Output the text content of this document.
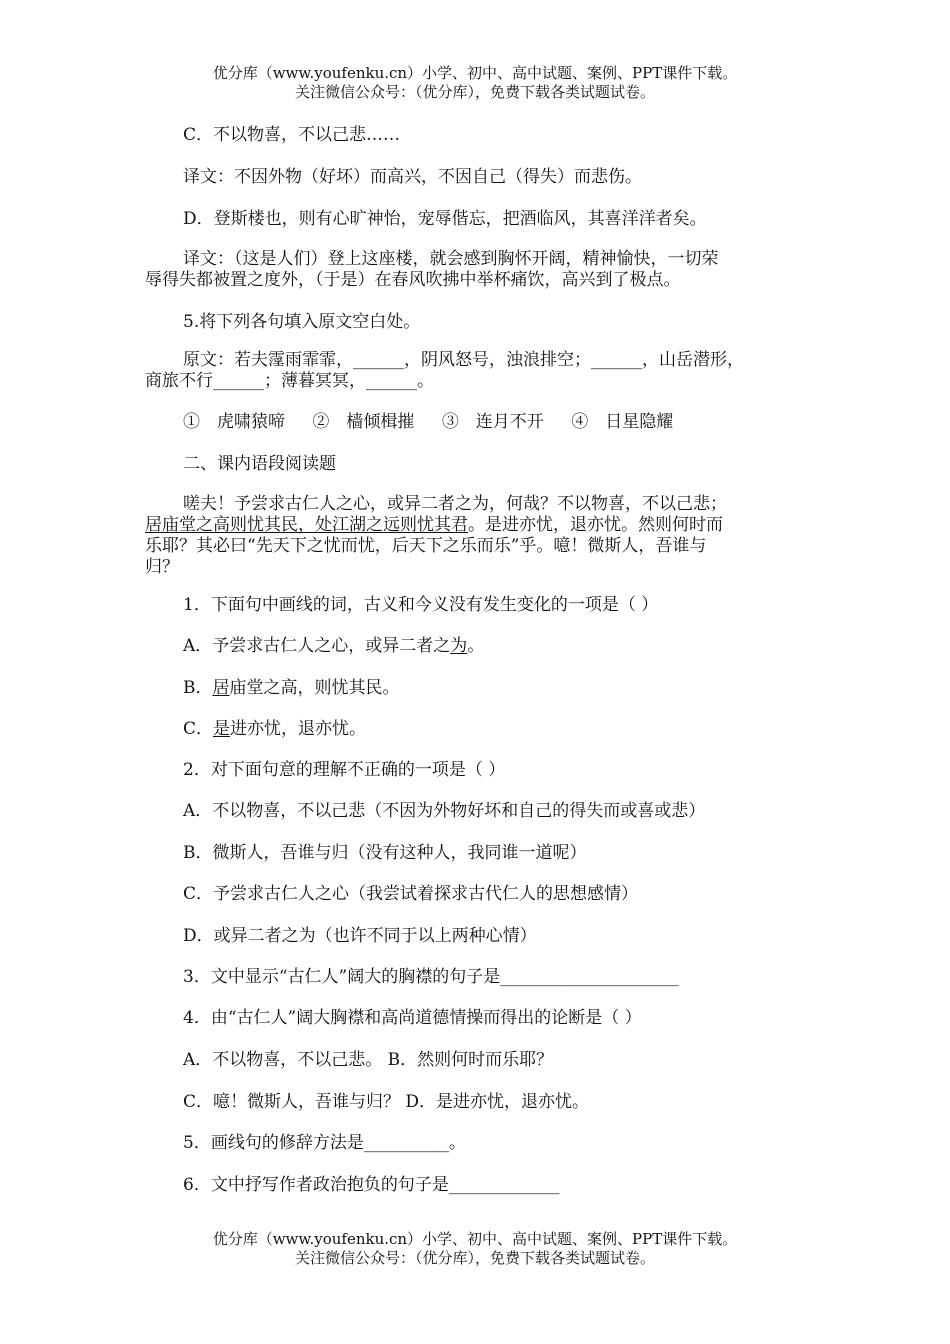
优分库（www.youfenku.cn）小学、初中、高中试题、案例、PPT课件下载。
关注微信公众号：（优分库），免费下载各类试题试卷。
C．不以物喜，不以己悲……
译文：不因外物（好坏）而高兴，不因自己（得失）而悲伤。
D．登斯楼也，则有心旷神怡，宠辱偕忘，把酒临风，其喜洋洋者矣。
译文：（这是人们）登上这座楼，就会感到胸怀开阔，精神愉快，一切荣
辱得失都被置之度外，（于是）在春风吹拂中举杯痛饮，高兴到了极点。
5.将下列各句填入原文空白处。
原文：若夫霪雨霏霏，______，阴风怒号，浊浪排空；______，山岳潜形，
商旅不行______；薄暮冥冥，______。
①　虎啸猿啼 ②　樯倾楫摧 ③　连月不开 ④　日星隐耀
二、课内语段阅读题
嗟夫！予尝求古仁人之心，或异二者之为，何哉？不以物喜，不以己悲；
居庙堂之高则忧其民，处江湖之远则忧其君。是进亦忧，退亦忧。然则何时而
乐耶？其必曰“先天下之忧而忧，后天下之乐而乐”乎。噫！微斯人，吾谁与
归？
1．下面句中画线的词，古义和今义没有发生变化的一项是（ ）
A．予尝求古仁人之心，或异二者之为。
B．居庙堂之高，则忧其民。
C．是进亦忧，退亦忧。
2．对下面句意的理解不正确的一项是（ ）
A．不以物喜，不以己悲（不因为外物好坏和自己的得失而或喜或悲）
B．微斯人，吾谁与归（没有这种人，我同谁一道呢）
C．予尝求古仁人之心（我尝试着探求古代仁人的思想感情）
D．或异二者之为（也许不同于以上两种心情）
3．文中显示“古仁人”阔大的胸襟的句子是_____________________
4．由“古仁人”阔大胸襟和高尚道德情操而得出的论断是（ ）
A．不以物喜，不以己悲。 B．然则何时而乐耶？
C．噫！微斯人，吾谁与归？ D．是进亦忧，退亦忧。
5．画线句的修辞方法是__________。
6．文中抒写作者政治抱负的句子是_____________
优分库（www.youfenku.cn）小学、初中、高中试题、案例、PPT课件下载。
关注微信公众号：（优分库），免费下载各类试题试卷。
